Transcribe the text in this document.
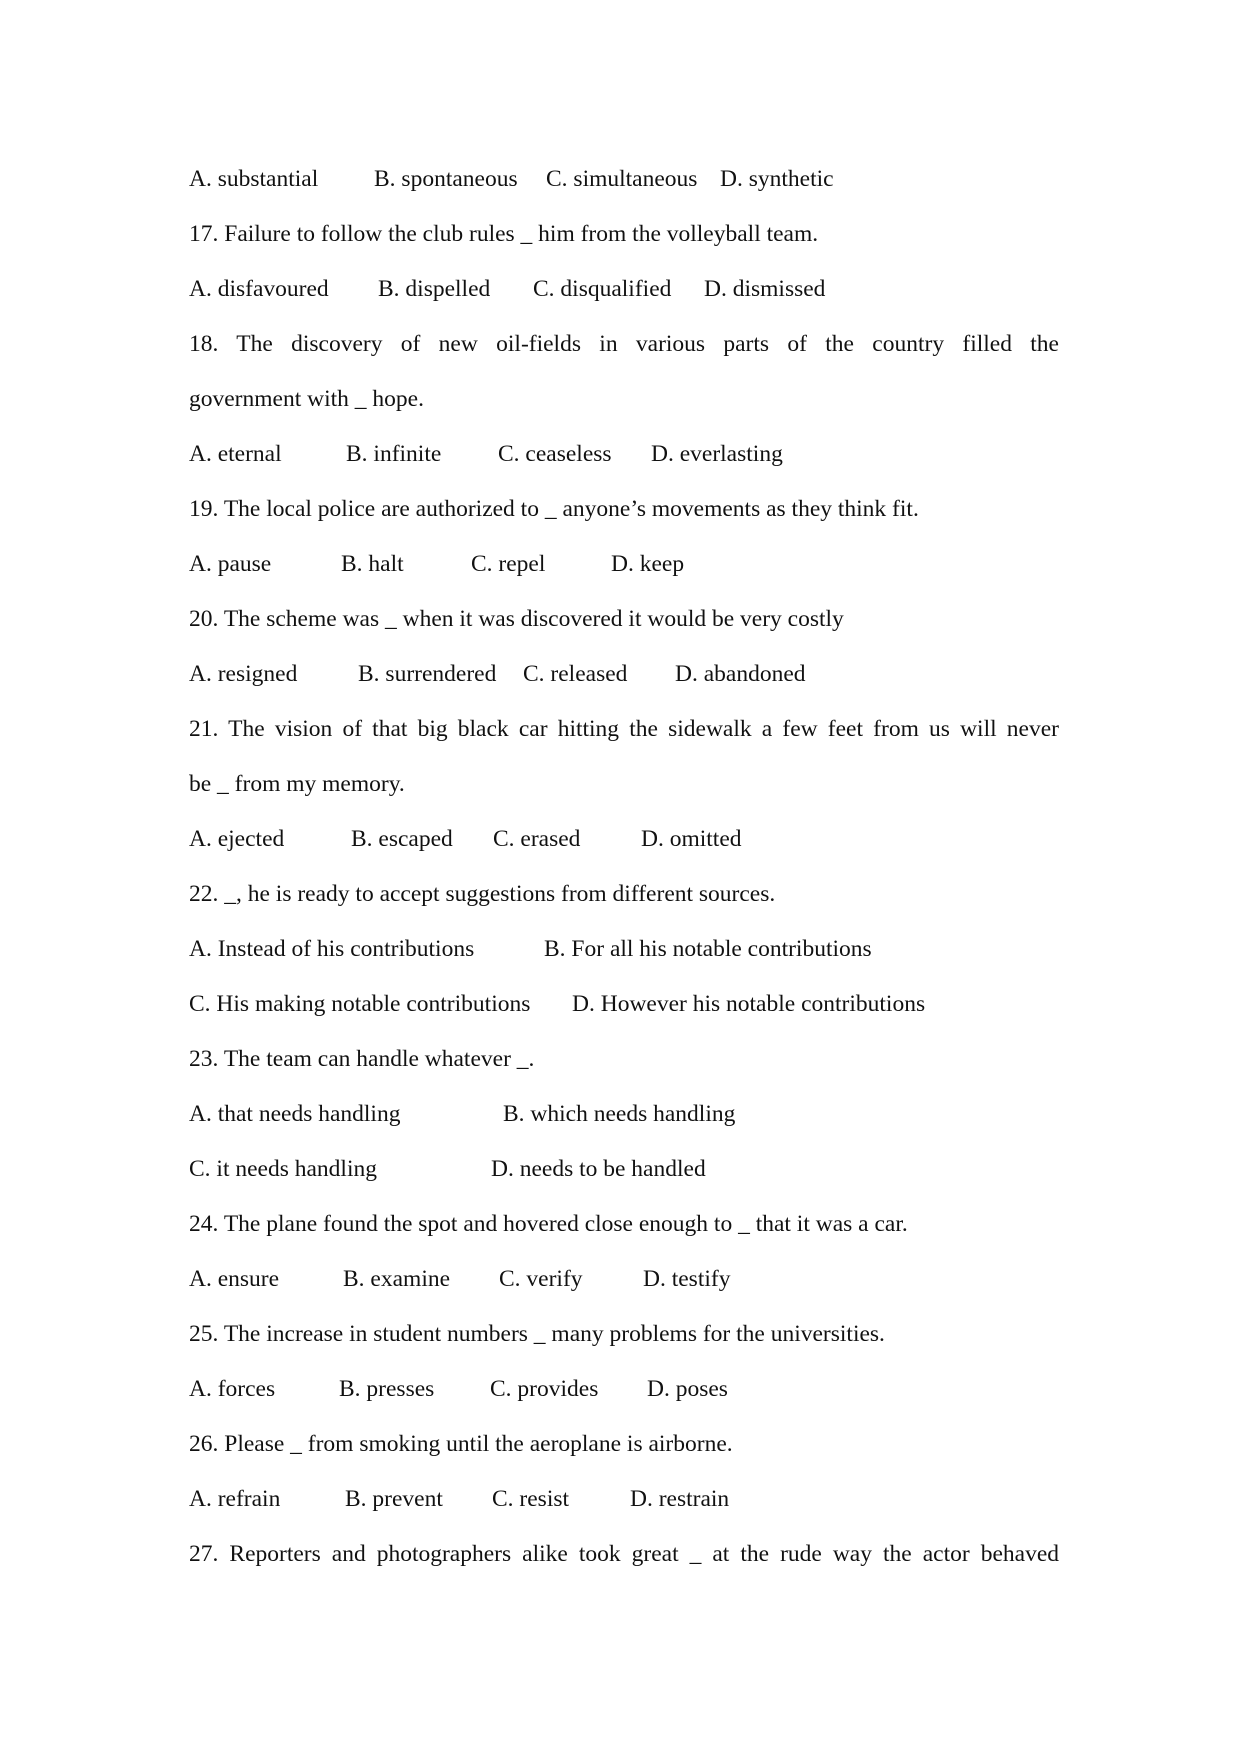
A. substantial B. spontaneous C. simultaneous D. synthetic
17. Failure to follow the club rules _ him from the volleyball team.
A. disfavoured B. dispelled C. disqualified D. dismissed
18. The discovery of new oil-fields in various parts of the country filled the
government with _ hope.
A. eternal	B. infinite C. ceaseless D. everlasting
19. The local police are authorized to _ anyone’s movements as they think fit.
A. pause	B. halt	C. repel	D. keep
20. The scheme was _ when it was discovered it would be very costly
A. resigned	B. surrendered C. released D. abandoned
21. The vision of that big black car hitting the sidewalk a few feet from us will never
be _ from my memory.
A. ejected	B. escaped C. erased	D. omitted
22. _, he is ready to accept suggestions from different sources.
A. Instead of his contributions	B. For all his notable contributions
C. His making notable contributions D. However his notable contributions
23. The team can handle whatever _.
A. that needs handling	B. which needs handling
C. it needs handling	D. needs to be handled
24. The plane found the spot and hovered close enough to _ that it was a car.
A. ensure	B. examine C. verify	D. testify
25. The increase in student numbers _ many problems for the universities.
A. forces	B. presses C. provides D. poses
26. Please _ from smoking until the aeroplane is airborne.
A. refrain	B. prevent C. resist	D. restrain
27. Reporters and photographers alike took great _ at the rude way the actor behaved
